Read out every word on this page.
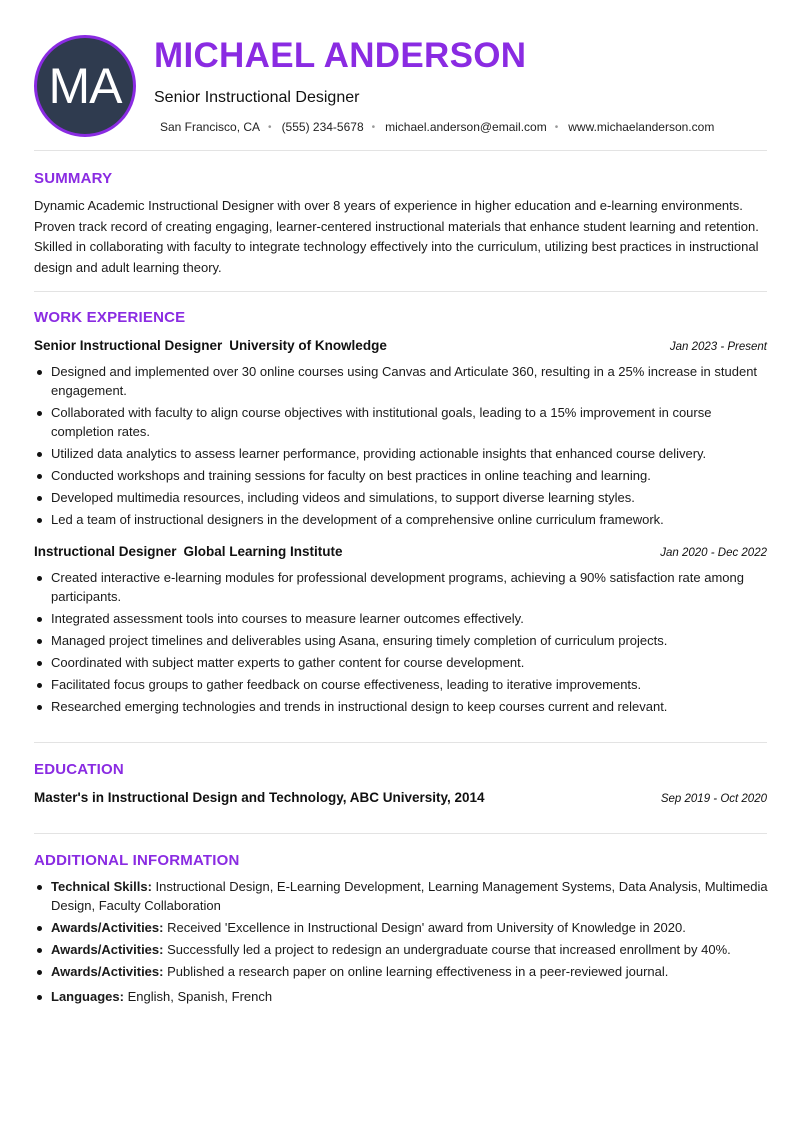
MA
MICHAEL ANDERSON
Senior Instructional Designer
San Francisco, CA • (555) 234-5678 • michael.anderson@email.com • www.michaelanderson.com
SUMMARY

Dynamic Academic Instructional Designer with over 8 years of experience in higher education and e-learning environments. Proven track record of creating engaging, learner-centered instructional materials that enhance student learning and retention. Skilled in collaborating with faculty to integrate technology effectively into the curriculum, utilizing best practices in instructional design and adult learning theory.

WORK EXPERIENCE
Senior Instructional Designer University of Knowledge	Jan 2023 - Present
Designed and implemented over 30 online courses using Canvas and Articulate 360, resulting in a 25% increase in student engagement.
Collaborated with faculty to align course objectives with institutional goals, leading to a 15% improvement in course completion rates.
Utilized data analytics to assess learner performance, providing actionable insights that enhanced course delivery.
Conducted workshops and training sessions for faculty on best practices in online teaching and learning.
Developed multimedia resources, including videos and simulations, to support diverse learning styles.
Led a team of instructional designers in the development of a comprehensive online curriculum framework.
Instructional Designer Global Learning Institute	Jan 2020 - Dec 2022
Created interactive e-learning modules for professional development programs, achieving a 90% satisfaction rate among participants.
Integrated assessment tools into courses to measure learner outcomes effectively.
Managed project timelines and deliverables using Asana, ensuring timely completion of curriculum projects.
Coordinated with subject matter experts to gather content for course development.
Facilitated focus groups to gather feedback on course effectiveness, leading to iterative improvements.
Researched emerging technologies and trends in instructional design to keep courses current and relevant.
EDUCATION
Master's in Instructional Design and Technology, ABC University, 2014	Sep 2019 - Oct 2020
ADDITIONAL INFORMATION
Technical Skills: Instructional Design, E-Learning Development, Learning Management Systems, Data Analysis, Multimedia Design, Faculty Collaboration
Awards/Activities: Received 'Excellence in Instructional Design' award from University of Knowledge in 2020.
Awards/Activities: Successfully led a project to redesign an undergraduate course that increased enrollment by 40%.
Awards/Activities: Published a research paper on online learning effectiveness in a peer-reviewed journal.
Languages: English, Spanish, French
